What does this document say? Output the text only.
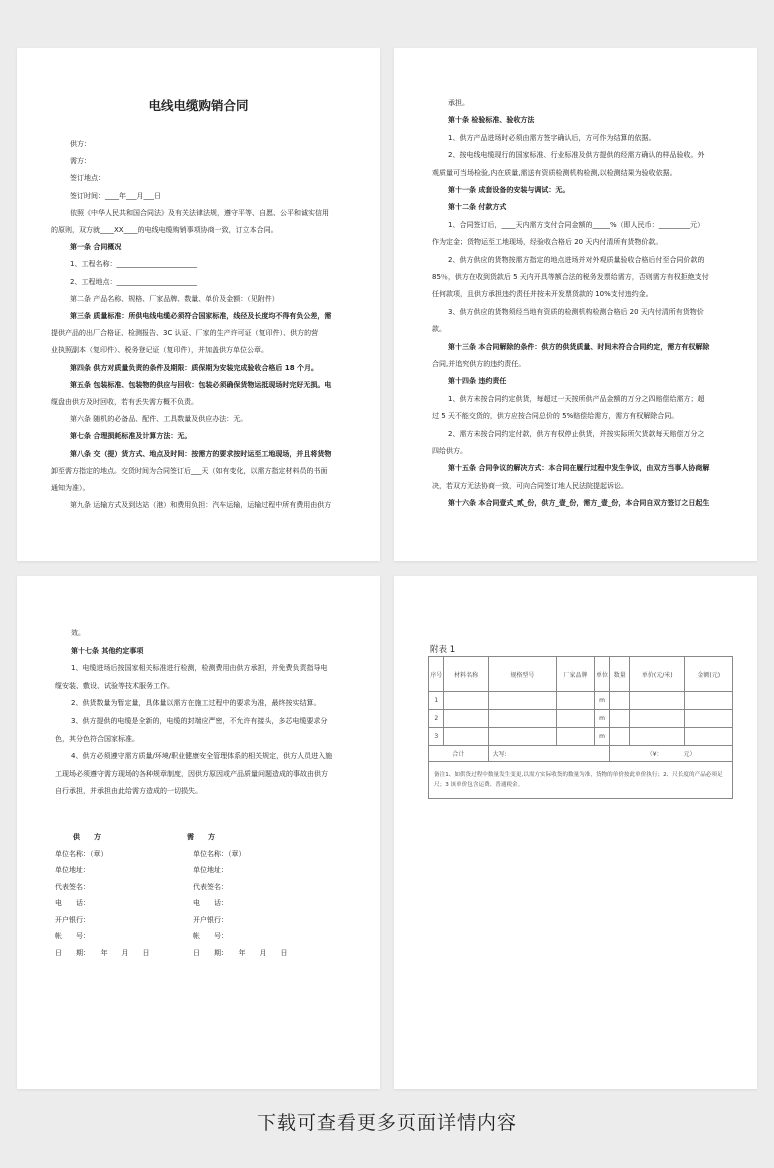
电线电缆购销合同
供方：
需方：
签订地点：
签订时间：____年___月___日
依照《中华人民共和国合同法》及有关法律法规，遵守平等、自愿、公平和诚实信用
的原则，双方就____XX____的电线电缆购销事项协商一致，订立本合同。
第一条 合同概况
1、工程名称：_______________________
2、工程地点：_______________________
第二条 产品名称、规格、厂家品牌、数量、单价及金额：（见附件）
第三条 质量标准：所供电线电缆必须符合国家标准，线径及长度均不得有负公差，需
提供产品的出厂合格证、检测报告、3C 认证、厂家的生产许可证（复印件）、供方的营
业执照副本（复印件）、税务登记证（复印件），并加盖供方单位公章。
第四条 供方对质量负责的条件及期限：质保期为安装完成验收合格后 18 个月。
第五条 包装标准、包装物的供应与回收：包装必须确保货物运抵现场时完好无损。电
缆盘由供方及时回收，若有丢失需方概不负责。
第六条 随机的必备品、配件、工具数量及供应办法：无。
第七条 合理损耗标准及计算方法：无。
第八条 交（提）货方式、地点及时间：按需方的要求按时运至工地现场，并且将货物
卸至需方指定的地点。交货时间为合同签订后___天（如有变化，以需方指定材料员的书面
通知为准）。
第九条 运输方式及到达站（港）和费用负担：汽车运输，运输过程中所有费用由供方
承担。
第十条 检验标准、验收方法
1、供方产品进场时必须由需方签字确认后，方可作为结算的依据。
2、按电线电缆现行的国家标准、行业标准及供方提供的经需方确认的样品验收。外
观质量可当场检验,内在质量,需送有资质检测机构检测,以检测结果为验收依据。
第十一条 成套设备的安装与调试：无。
第十二条 付款方式
1、合同签订后，____天内需方支付合同金额的_____%（即人民币：_________元）
作为定金；货物运至工地现场，经验收合格后 20 天内付清所有货物价款。
2、供方供应的货物按需方指定的地点进场并对外观质量验收合格后付至合同价款的
85％，供方在收到货款后 5 天内开具等额合法的税务发票给需方，否则需方有权拒绝支付
任何款项，且供方承担违约责任并按未开发票货款的 10%支付违约金。
3、供方供应的货物须经当地有资质的检测机构检测合格后 20 天内付清所有货物价
款。
第十三条 本合同解除的条件：供方的供货质量、时间未符合合同约定，需方有权解除
合同,并追究供方的违约责任。
第十四条 违约责任
1、供方未按合同约定供货，每超过一天按所供产品金额的万分之四赔偿给需方；超
过 5 天不能交货的，供方应按合同总价的 5%赔偿给需方，需方有权解除合同。
2、需方未按合同约定付款，供方有权停止供货，并按实际所欠货款每天赔偿万分之
四给供方。
第十五条 合同争议的解决方式：本合同在履行过程中发生争议，由双方当事人协商解
决，若双方无法协商一致，可向合同签订地人民法院提起诉讼。
第十六条 本合同壹式_贰_份，供方_壹_份，需方_壹_份，本合同自双方签订之日起生
效。
第十七条 其他约定事项
1、电缆进场后按国家相关标准进行检测，检测费用由供方承担，并免费负责指导电
缆安装、敷设、试验等技术服务工作。
2、供货数量为暂定量，具体量以需方在施工过程中的要求为准，最终按实结算。
3、供方提供的电缆是全新的，电缆的封端应严密，不允许有接头，多芯电缆要求分
色，其分色符合国家标准。
4、供方必须遵守需方质量/环境/职业健康安全管理体系的相关规定，供方人员进入施
工现场必须遵守需方现场的各种规章制度，因供方原因或产品质量问题造成的事故由供方
自行承担，并承担由此给需方造成的一切损失。
供　　方
单位名称：（章）
单位地址：
代表签名：
电　　话：
开户银行：
帐　　号：
日　　期：　　年　　月　　日
需　　方
单位名称：（章）
单位地址：
代表签名：
电　　话：
开户银行：
帐　　号：
日　　期：　　年　　月　　日
附表 1
序号	材料名称	规格型号	厂家品牌	单位	数量	单价(元/米)	金额(元)
1				m			
2				m			
3				m			
合计		大写:			（¥：　　　　元）		
备注1、如供货过程中数量发生变更,以需方实际收货的数量为准，货物的单价按此单价执行；2、尺长度的产品必须足尺；3 该单价包含运费、普通税金。							
下载可查看更多页面详情内容
